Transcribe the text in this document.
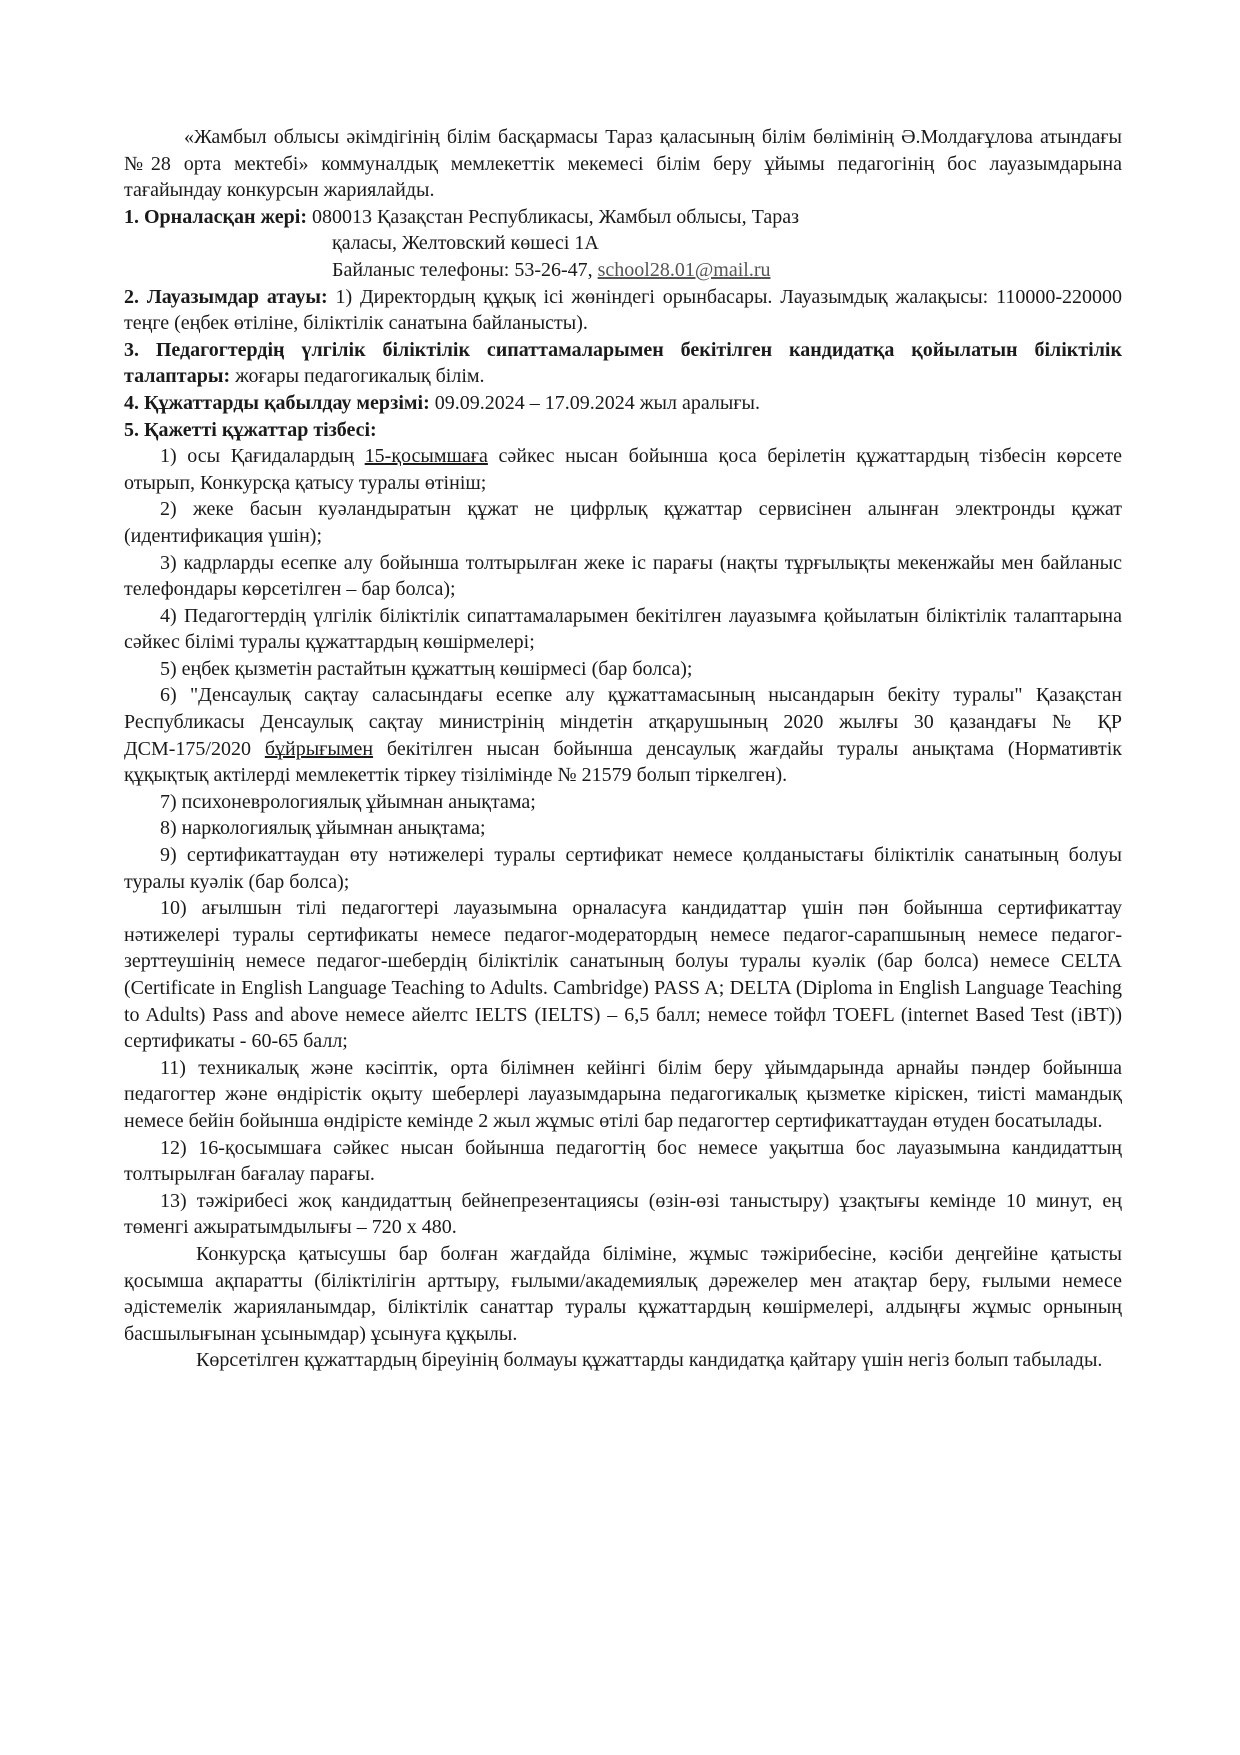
«Жамбыл облысы әкімдігінің білім басқармасы Тараз қаласының білім бөлімінің Ә.Молдағұлова атындағы №28 орта мектебі» коммуналдық мемлекеттік мекемесі білім беру ұйымы педагогінің бос лауазымдарына тағайындау конкурсын жариялайды.

1. Орналасқан жері: 080013 Қазақстан Республикасы, Жамбыл облысы, Тараз
қаласы, Желтовский көшесі 1А
Байланыс телефоны: 53-26-47, school28.01@mail.ru

2. Лауазымдар атауы: 1) Директордың құқық ісі жөніндегі орынбасары. Лауазымдық жалақысы: 110000-220000 теңге (еңбек өтіліне, біліктілік санатына байланысты).

3. Педагогтердің үлгілік біліктілік сипаттамаларымен бекітілген кандидатқа қойылатын біліктілік талаптары: жоғары педагогикалық білім.

4. Құжаттарды қабылдау мерзімі: 09.09.2024 – 17.09.2024 жыл аралығы.

5. Қажетті құжаттар тізбесі:

1) осы Қағидалардың 15-қосымшаға сәйкес нысан бойынша қоса берілетін құжаттардың тізбесін көрсете отырып, Конкурсқа қатысу туралы өтініш;

2) жеке басын куәландыратын құжат не цифрлық құжаттар сервисінен алынған электронды құжат (идентификация үшін);

3) кадрларды есепке алу бойынша толтырылған жеке іс парағы (нақты тұрғылықты мекенжайы мен байланыс телефондары көрсетілген – бар болса);

4) Педагогтердің үлгілік біліктілік сипаттамаларымен бекітілген лауазымға қойылатын біліктілік талаптарына сәйкес білімі туралы құжаттардың көшірмелері;

5) еңбек қызметін растайтын құжаттың көшірмесі (бар болса);

6) "Денсаулық сақтау саласындағы есепке алу құжаттамасының нысандарын бекіту туралы" Қазақстан Республикасы Денсаулық сақтау министрінің міндетін атқарушының 2020 жылғы 30 қазандағы № ҚР ДСМ-175/2020 бұйрығымен бекітілген нысан бойынша денсаулық жағдайы туралы анықтама (Нормативтік құқықтық актілерді мемлекеттік тіркеу тізілімінде № 21579 болып тіркелген).

7) психоневрологиялық ұйымнан анықтама;

8) наркологиялық ұйымнан анықтама;

9) сертификаттаудан өту нәтижелері туралы сертификат немесе қолданыстағы біліктілік санатының болуы туралы куәлік (бар болса);

10) ағылшын тілі педагогтері лауазымына орналасуға кандидаттар үшін пән бойынша сертификаттау нәтижелері туралы сертификаты немесе педагог-модератордың немесе педагог-сарапшының немесе педагог-зерттеушінің немесе педагог-шебердің біліктілік санатының болуы туралы куәлік (бар болса) немесе CELTA (Certificate in English Language Teaching to Adults. Cambridge) PASS A; DELTA (Diploma in English Language Teaching to Adults) Pass and above немесе айелтс IELTS (IELTS) – 6,5 балл; немесе тойфл TOEFL (internet Based Test (iBT)) сертификаты - 60-65 балл;

11) техникалық және кәсіптік, орта білімнен кейінгі білім беру ұйымдарында арнайы пәндер бойынша педагогтер және өндірістік оқыту шеберлері лауазымдарына педагогикалық қызметке кіріскен, тиісті мамандық немесе бейін бойынша өндірісте кемінде 2 жыл жұмыс өтілі бар педагогтер сертификаттаудан өтуден босатылады.

12) 16-қосымшаға сәйкес нысан бойынша педагогтің бос немесе уақытша бос лауазымына кандидаттың толтырылған бағалау парағы.

13) тәжірибесі жоқ кандидаттың бейнепрезентациясы (өзін-өзі таныстыру) ұзақтығы кемінде 10 минут, ең төменгі ажыратымдылығы – 720 x 480.

Конкурсқа қатысушы бар болған жағдайда біліміне, жұмыс тәжірибесіне, кәсіби деңгейіне қатысты қосымша ақпаратты (біліктілігін арттыру, ғылыми/академиялық дәрежелер мен атақтар беру, ғылыми немесе әдістемелік жарияланымдар, біліктілік санаттар туралы құжаттардың көшірмелері, алдыңғы жұмыс орнының басшылығынан ұсынымдар) ұсынуға құқылы.

Көрсетілген құжаттардың біреуінің болмауы құжаттарды кандидатқа қайтару үшін негіз болып табылады.
